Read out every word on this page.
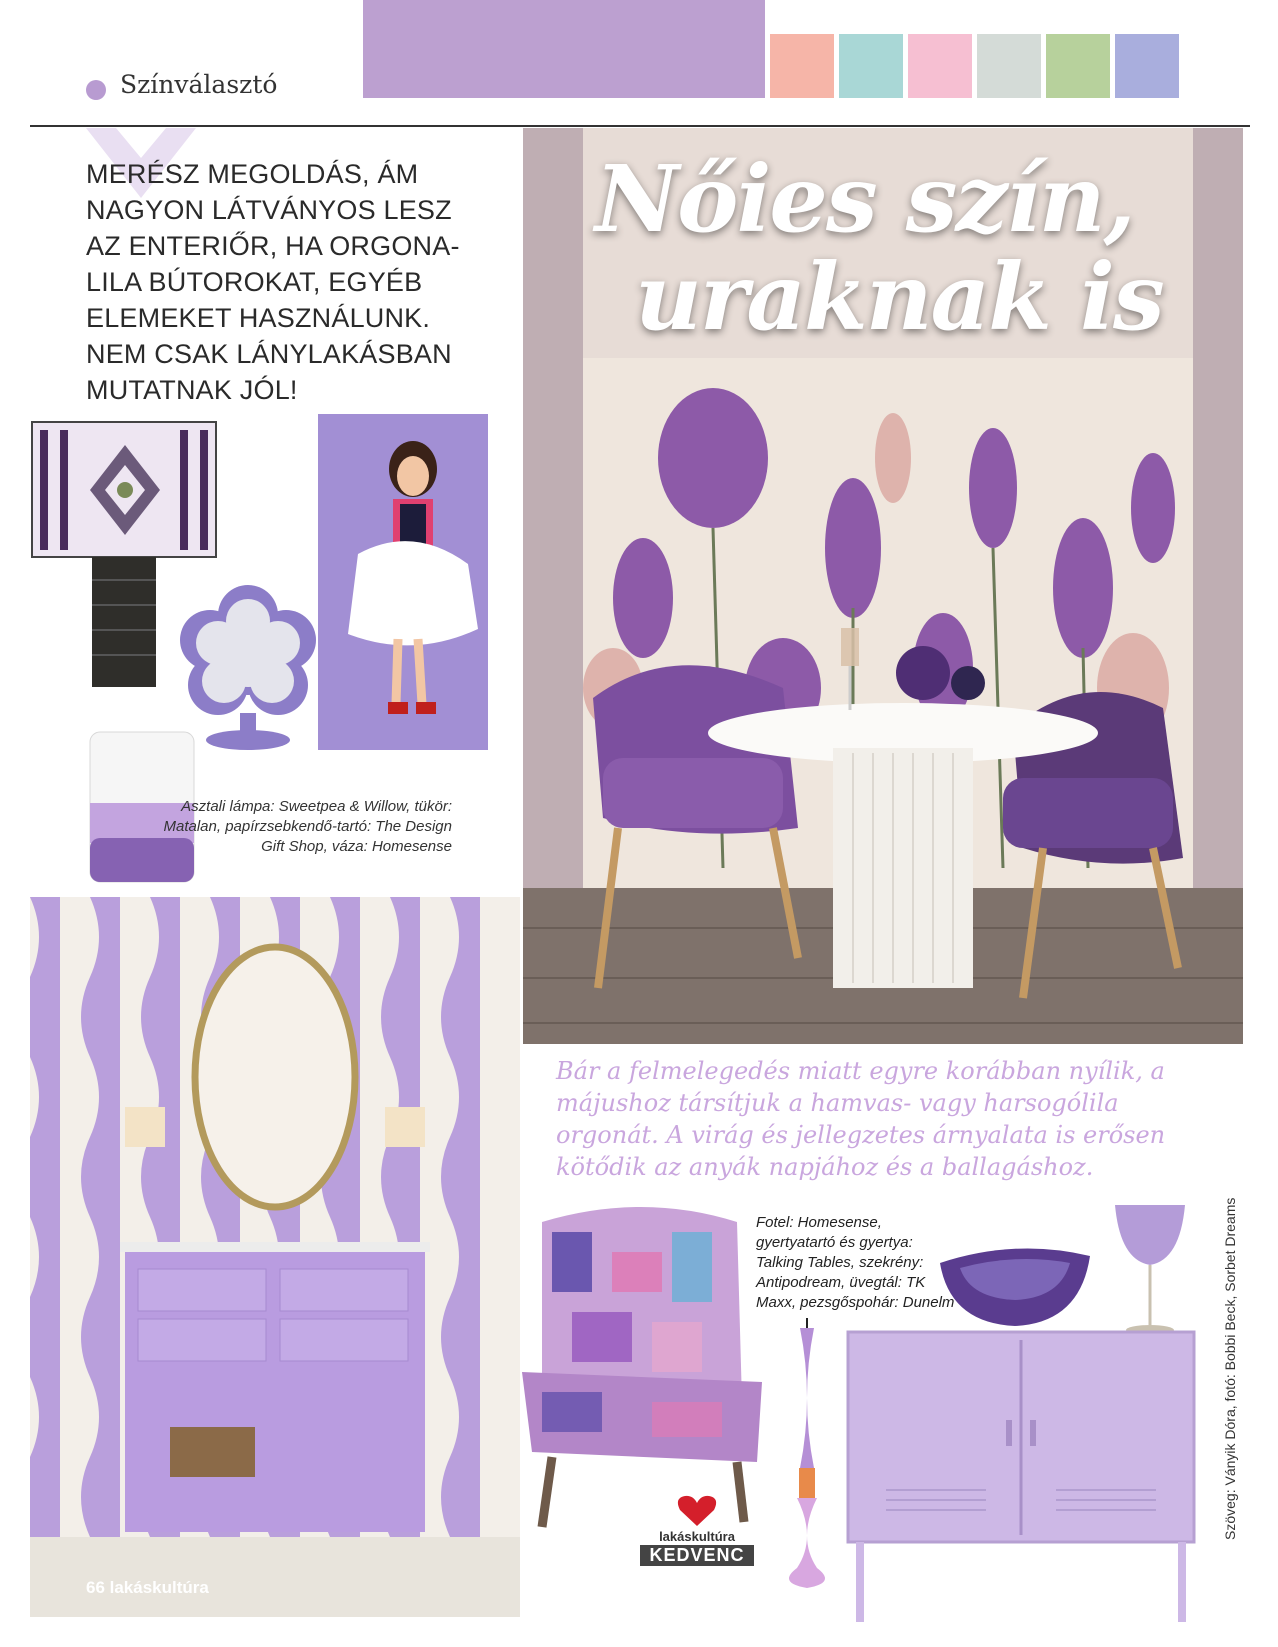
Színválasztó
MERÉSZ MEGOLDÁS, ÁM NAGYON LÁTVÁNYOS LESZ AZ ENTERIŐR, HA ORGONA-LILA BÚTOROKAT, EGYÉB ELEMEKET HASZNÁLUNK. NEM CSAK LÁNYLAKÁSBAN MUTATNAK JÓL!
Asztali lámpa: Sweetpea & Willow, tükör: Matalan, papírzsebkendő-tartó: The Design Gift Shop, váza: Homesense
Nőies szín,
uraknak is
66 lakáskultúra
Bár a felmelegedés miatt egyre korábban nyílik, a májushoz társítjuk a hamvas- vagy harsogólila orgonát. A virág és jellegzetes árnyalata is erősen kötődik az anyák napjához és a ballagáshoz.
Fotel: Homesense, gyertyatartó és gyertya: Talking Tables, szekrény: Antipodream, üvegtál: TK Maxx, pezsgőspohár: Dunelm	Szöveg: Ványik Dóra, fotó: Bobbi Beck, Sorbet Dreams
lakáskultúra
KEDVENC
